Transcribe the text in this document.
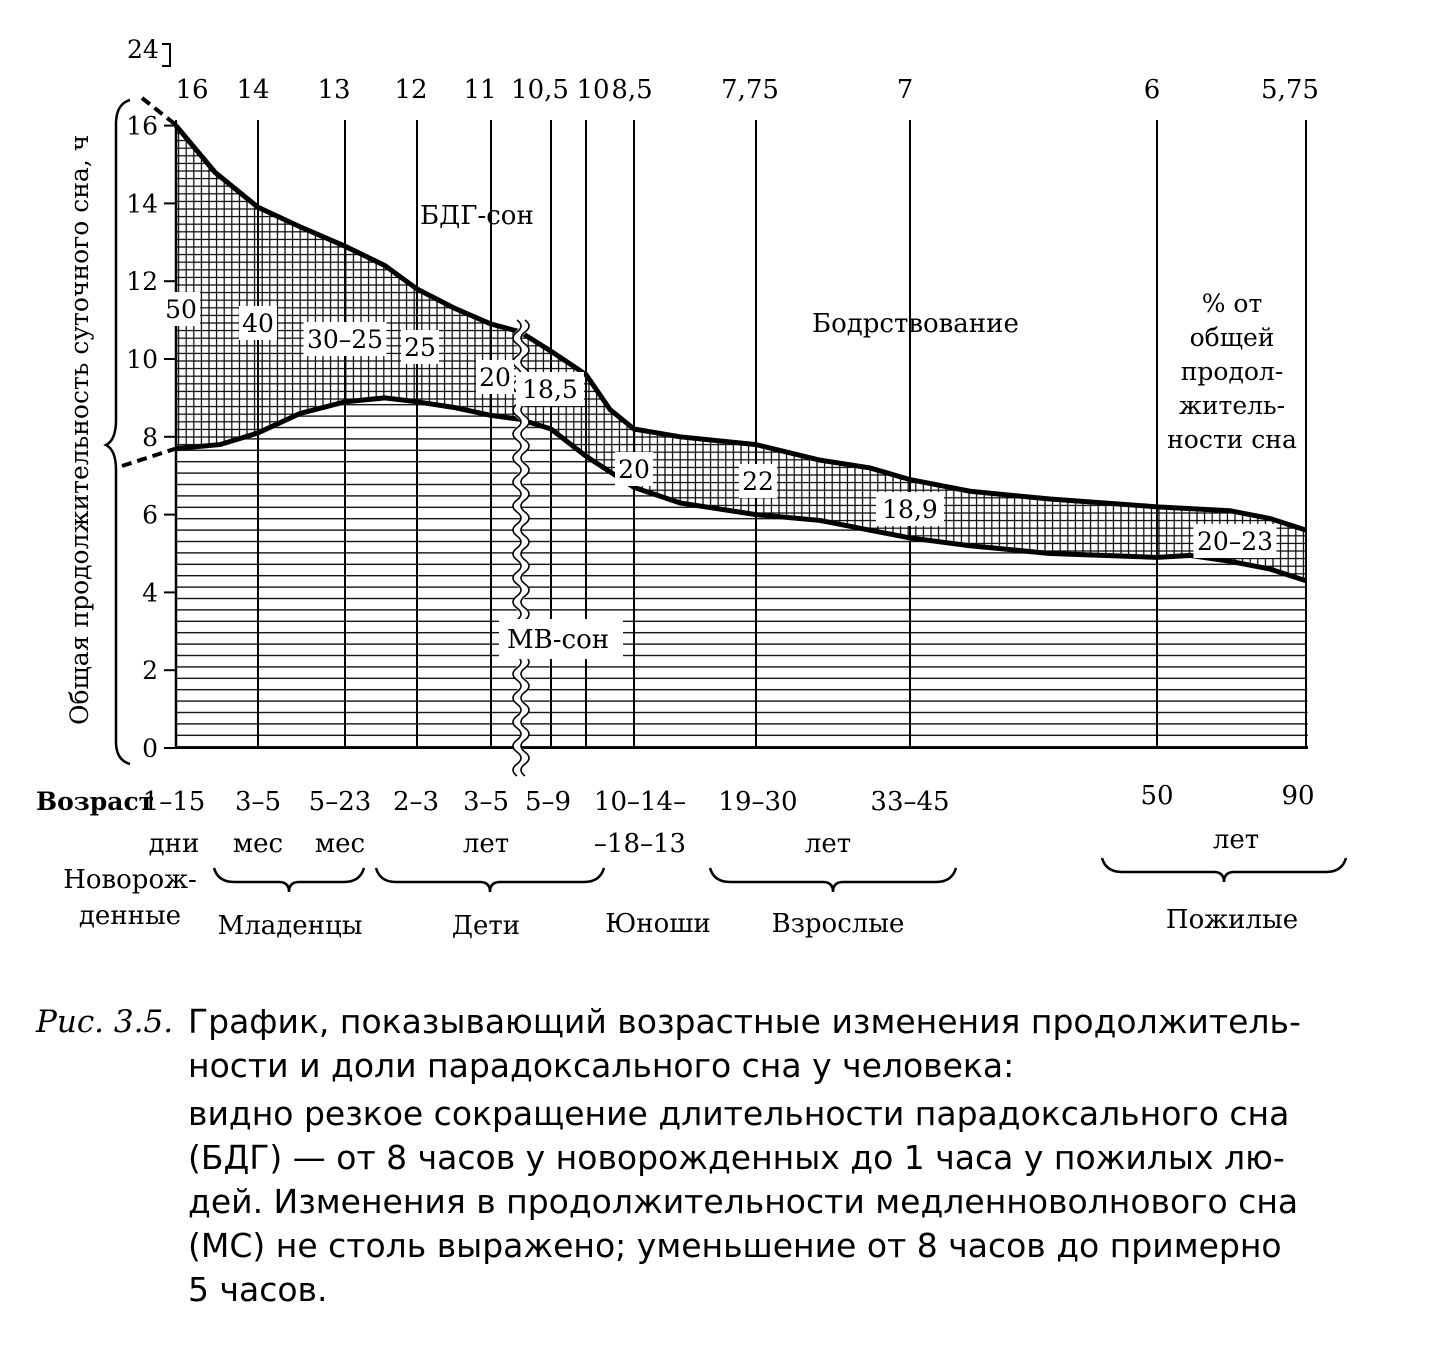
0
2
4
6
8
10
12
14
16
24
16 14 13 12 11 10,5 10 8,5	7,75	7	6	5,75
50 40
30–25 25
20 18,5
20	22
18,9
20–23
1–15 3–5 5–23 2–3 3–5 5–9 10–14–
–18–13
19–30	33–45	50	90
дни мес мес	лет	лет	лет
Новорож-
денные Младенцы	Дети	Юноши Взрослые	Пожилые
Общая продолжительность суточного сна, ч	БДГ-сон
Бодрствование
МВ-сон
% от
общей
продол-
житель-
ности сна
Возраст
Рис. 3.5. График, показывающий возрастные изменения продолжитель-
ности и доли парадоксального сна у человека:
видно резкое сокращение длительности парадоксального сна
(БДГ) — от 8 часов у новорожденных до 1 часа у пожилых лю-
дей. Изменения в продолжительности медленноволнового сна
(МС) не столь выражено; уменьшение от 8 часов до примерно
5 часов.
